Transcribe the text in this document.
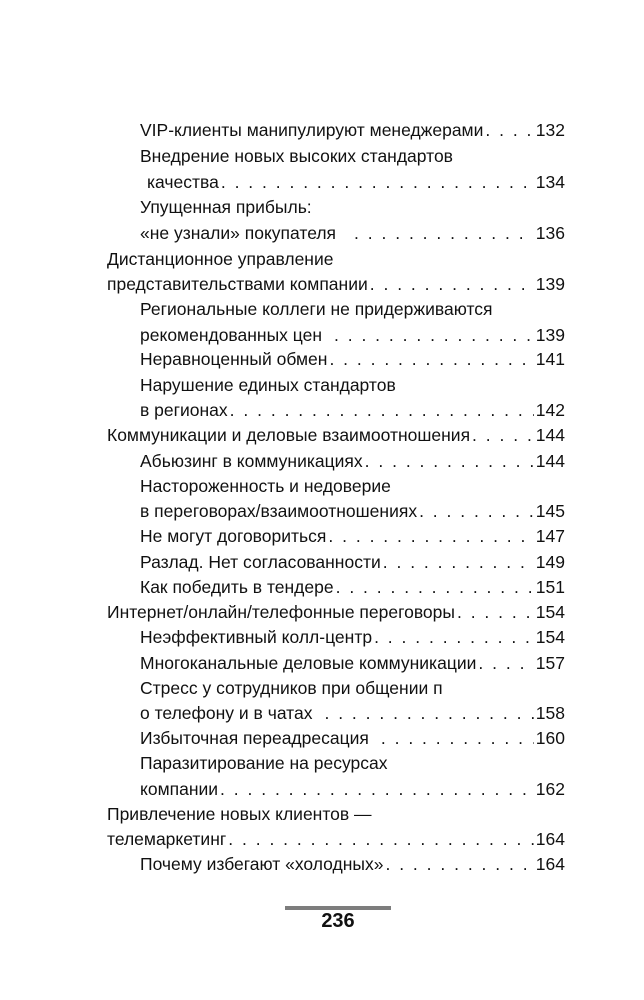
VIP-клиенты манипулируют менеджерами . . .	132
Внедрение новых высоких стандартов
качества . . .	134
Упущенная прибыль:
«не узнали» покупателя . . .	136
Дистанционное управление
представительствами компании . . .	139
Региональные коллеги не придерживаются
рекомендованных цен . . .	139
Неравноценный обмен . . .	141
Нарушение единых стандартов
в регионах . . .	142
Коммуникации и деловые взаимоотношения . . .	144
Абьюзинг в коммуникациях . . .	144
Настороженность и недоверие
в переговорах/взаимоотношениях . . .	145
Не могут договориться . . .	147
Разлад. Нет согласованности . . .	149
Как победить в тендере . . .	151
Интернет/онлайн/телефонные переговоры . . .	154
Неэффективный колл-центр . . .	154
Многоканальные деловые коммуникации . . .	157
Стресс у сотрудников при общении п
о телефону и в чатах . . .	158
Избыточная переадресация . . .	160
Паразитирование на ресурсах
компании . . .	162
Привлечение новых клиентов —
телемаркетинг . . .	164
Почему избегают «холодных» . . .	164
236
